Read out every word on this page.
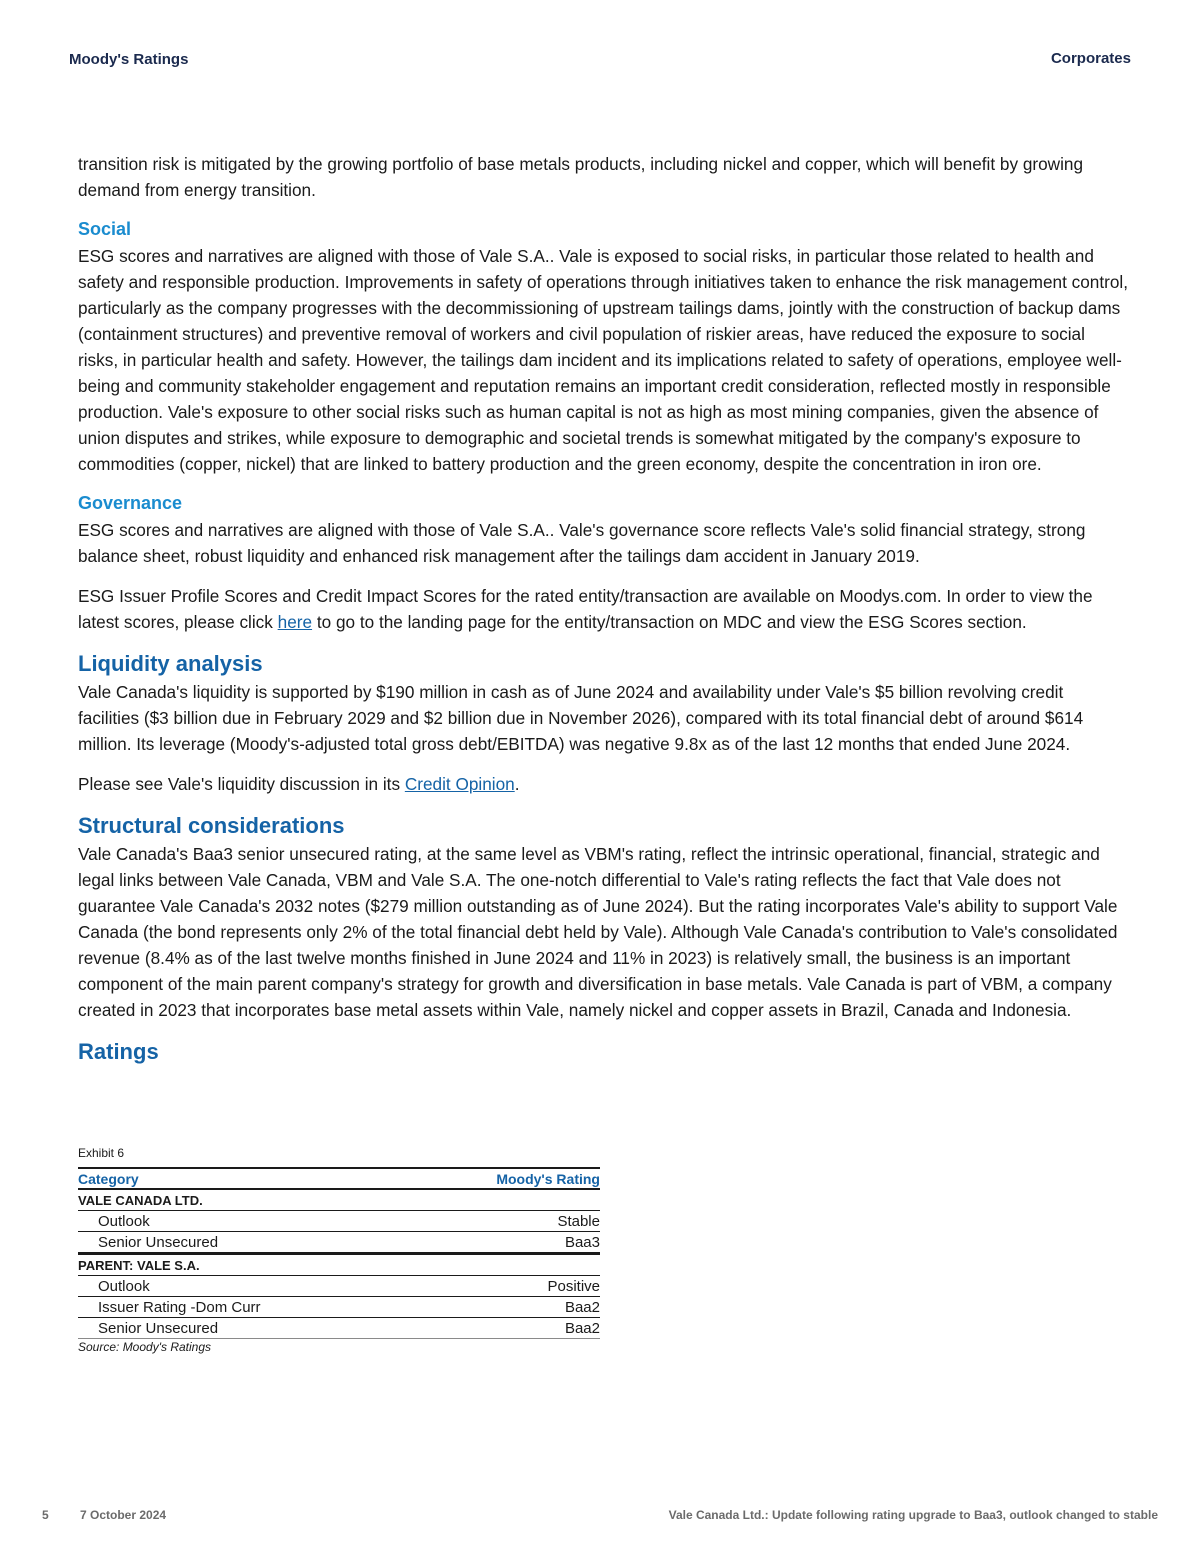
Moody's Ratings	Corporates

transition risk is mitigated by the growing portfolio of base metals products, including nickel and copper, which will benefit by growing demand from energy transition.

Social

ESG scores and narratives are aligned with those of Vale S.A.. Vale is exposed to social risks, in particular those related to health and safety and responsible production. Improvements in safety of operations through initiatives taken to enhance the risk management control, particularly as the company progresses with the decommissioning of upstream tailings dams, jointly with the construction of backup dams (containment structures) and preventive removal of workers and civil population of riskier areas, have reduced the exposure to social risks, in particular health and safety. However, the tailings dam incident and its implications related to safety of operations, employee well-being and community stakeholder engagement and reputation remains an important credit consideration, reflected mostly in responsible production. Vale's exposure to other social risks such as human capital is not as high as most mining companies, given the absence of union disputes and strikes, while exposure to demographic and societal trends is somewhat mitigated by the company's exposure to commodities (copper, nickel) that are linked to battery production and the green economy, despite the concentration in iron ore.

Governance

ESG scores and narratives are aligned with those of Vale S.A.. Vale's governance score reflects Vale's solid financial strategy, strong balance sheet, robust liquidity and enhanced risk management after the tailings dam accident in January 2019.

ESG Issuer Profile Scores and Credit Impact Scores for the rated entity/transaction are available on Moodys.com. In order to view the latest scores, please click here to go to the landing page for the entity/transaction on MDC and view the ESG Scores section.

Liquidity analysis

Vale Canada's liquidity is supported by $190 million in cash as of June 2024 and availability under Vale's $5 billion revolving credit facilities ($3 billion due in February 2029 and $2 billion due in November 2026), compared with its total financial debt of around $614 million. Its leverage (Moody's-adjusted total gross debt/EBITDA) was negative 9.8x as of the last 12 months that ended June 2024.

Please see Vale's liquidity discussion in its Credit Opinion.

Structural considerations

Vale Canada's Baa3 senior unsecured rating, at the same level as VBM's rating, reflect the intrinsic operational, financial, strategic and legal links between Vale Canada, VBM and Vale S.A. The one-notch differential to Vale's rating reflects the fact that Vale does not guarantee Vale Canada's 2032 notes ($279 million outstanding as of June 2024). But the rating incorporates Vale's ability to support Vale Canada (the bond represents only 2% of the total financial debt held by Vale). Although Vale Canada's contribution to Vale's consolidated revenue (8.4% as of the last twelve months finished in June 2024 and 11% in 2023) is relatively small, the business is an important component of the main parent company's strategy for growth and diversification in base metals. Vale Canada is part of VBM, a company created in 2023 that incorporates base metal assets within Vale, namely nickel and copper assets in Brazil, Canada and Indonesia.

Ratings
Exhibit 6
Category	Moody's Rating
VALE CANADA LTD.	
Outlook	Stable
Senior Unsecured	Baa3
PARENT: VALE S.A.	
Outlook	Positive
Issuer Rating -Dom Curr	Baa2
Senior Unsecured	Baa2
Source: Moody's Ratings
5	7 October 2024	Vale Canada Ltd.: Update following rating upgrade to Baa3, outlook changed to stable
